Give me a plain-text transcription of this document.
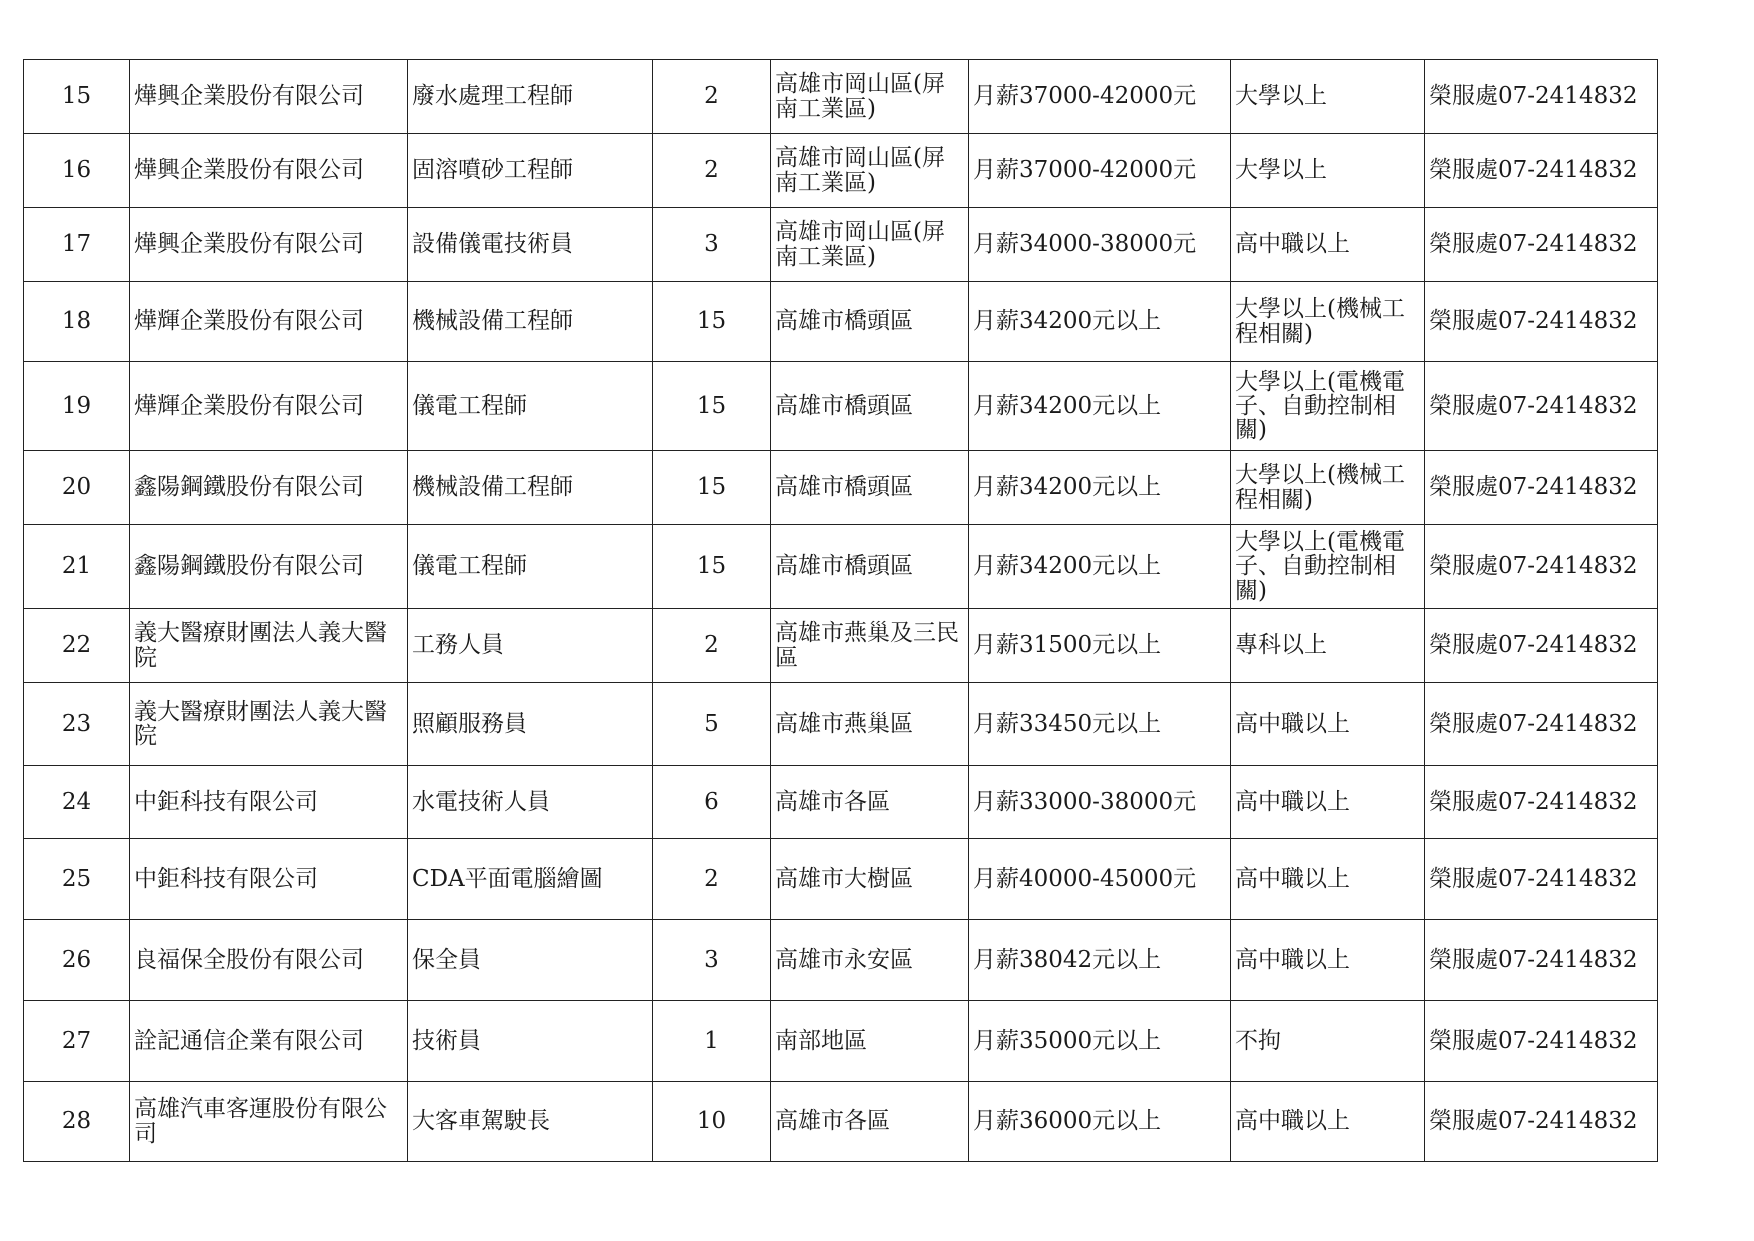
15	燁興企業股份有限公司	廢水處理工程師	2	高雄市岡山區(屏南工業區)	月薪37000-42000元	大學以上	榮服處07-2414832
16	燁興企業股份有限公司	固溶噴砂工程師	2	高雄市岡山區(屏南工業區)	月薪37000-42000元	大學以上	榮服處07-2414832
17	燁興企業股份有限公司	設備儀電技術員	3	高雄市岡山區(屏南工業區)	月薪34000-38000元	高中職以上	榮服處07-2414832
18	燁輝企業股份有限公司	機械設備工程師	15	高雄市橋頭區	月薪34200元以上	大學以上(機械工程相關)	榮服處07-2414832
19	燁輝企業股份有限公司	儀電工程師	15	高雄市橋頭區	月薪34200元以上	大學以上(電機電子、自動控制相關)	榮服處07-2414832
20	鑫陽鋼鐵股份有限公司	機械設備工程師	15	高雄市橋頭區	月薪34200元以上	大學以上(機械工程相關)	榮服處07-2414832
21	鑫陽鋼鐵股份有限公司	儀電工程師	15	高雄市橋頭區	月薪34200元以上	大學以上(電機電子、自動控制相關)	榮服處07-2414832
22	義大醫療財團法人義大醫院	工務人員	2	高雄市燕巢及三民區	月薪31500元以上	專科以上	榮服處07-2414832
23	義大醫療財團法人義大醫院	照顧服務員	5	高雄市燕巢區	月薪33450元以上	高中職以上	榮服處07-2414832
24	中鉅科技有限公司	水電技術人員	6	高雄市各區	月薪33000-38000元	高中職以上	榮服處07-2414832
25	中鉅科技有限公司	CDA平面電腦繪圖	2	高雄市大樹區	月薪40000-45000元	高中職以上	榮服處07-2414832
26	良福保全股份有限公司	保全員	3	高雄市永安區	月薪38042元以上	高中職以上	榮服處07-2414832
27	詮記通信企業有限公司	技術員	1	南部地區	月薪35000元以上	不拘	榮服處07-2414832
28	高雄汽車客運股份有限公司	大客車駕駛長	10	高雄市各區	月薪36000元以上	高中職以上	榮服處07-2414832
